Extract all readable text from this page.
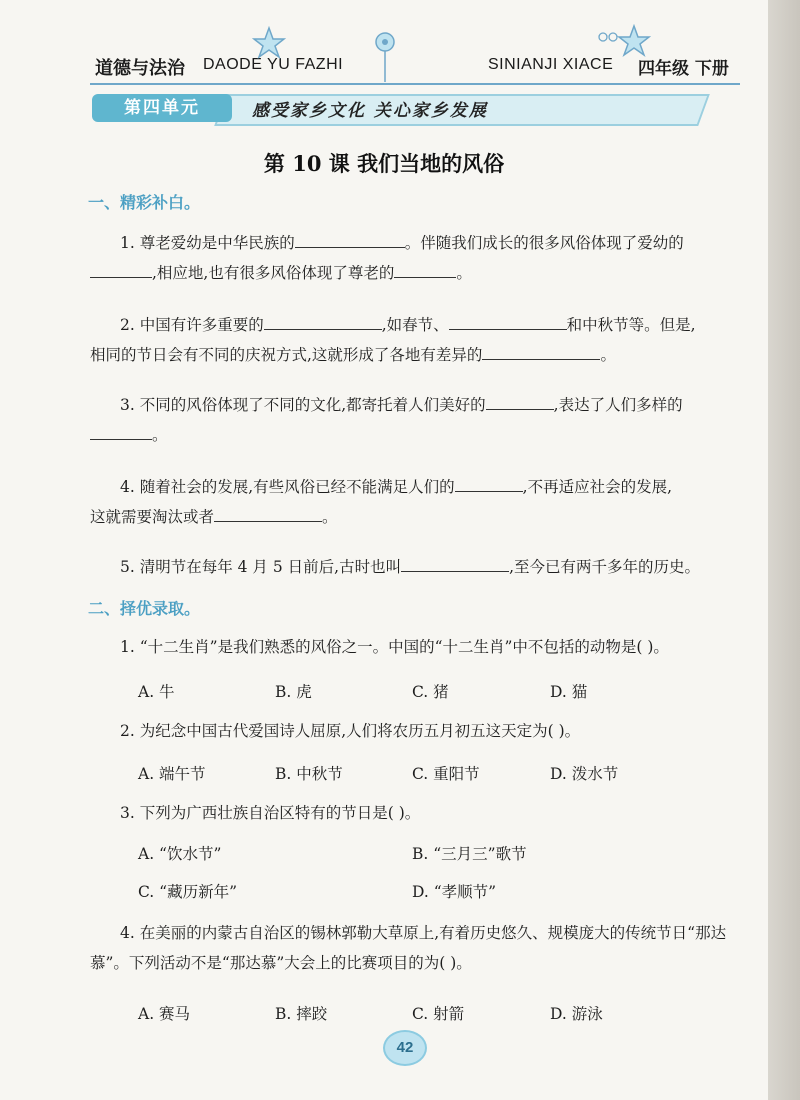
道德与法治 DAODE YU FAZHI	SINIANJI XIACE 四年级 下册
第四单元	感受家乡文化 关心家乡发展
第 10 课 我们当地的风俗
一、精彩补白。
1. 尊老爱幼是中华民族的	。伴随我们成长的很多风俗体现了爱幼的
,相应地,也有很多风俗体现了尊老的	。
2. 中国有许多重要的	,如春节、	和中秋节等。但是,
相同的节日会有不同的庆祝方式,这就形成了各地有差异的	。
3. 不同的风俗体现了不同的文化,都寄托着人们美好的	,表达了人们多样的
。
4. 随着社会的发展,有些风俗已经不能满足人们的	,不再适应社会的发展,
这就需要淘汰或者	。
5. 清明节在每年 4 月 5 日前后,古时也叫	,至今已有两千多年的历史。
二、择优录取。
1. “十二生肖”是我们熟悉的风俗之一。中国的“十二生肖”中不包括的动物是( )。
A. 牛	B. 虎	C. 猪	D. 猫
2. 为纪念中国古代爱国诗人屈原,人们将农历五月初五这天定为( )。
A. 端午节	B. 中秋节	C. 重阳节	D. 泼水节
3. 下列为广西壮族自治区特有的节日是( )。
A. “饮水节”	B. “三月三”歌节
C. “藏历新年”	D. “孝顺节”
4. 在美丽的内蒙古自治区的锡林郭勒大草原上,有着历史悠久、规模庞大的传统节日“那达
慕”。下列活动不是“那达慕”大会上的比赛项目的为( )。
A. 赛马	B. 摔跤	C. 射箭	D. 游泳
42
